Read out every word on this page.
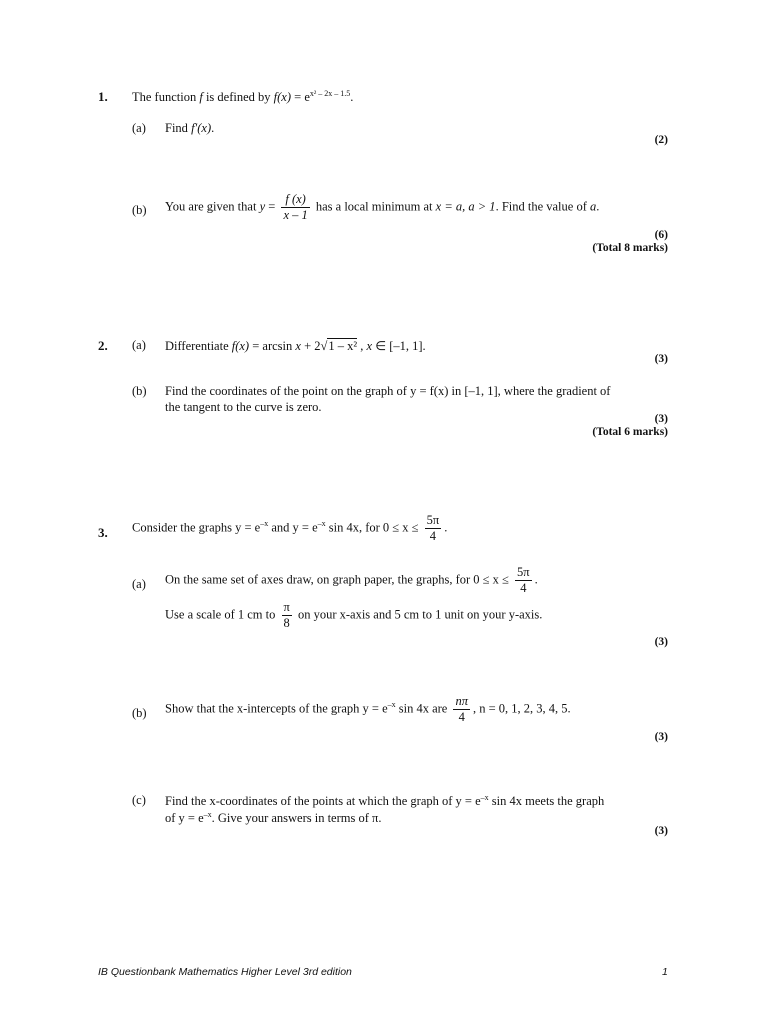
1. The function f is defined by $f(x) = e^{x^2 - 2x - 1.5}$.
(a) Find f′(x).
(2)
(b) You are given that $y = \frac{f (x)}{x - 1}$ has a local minimum at x = a, a > 1. Find the value of a.
(6)
(Total 8 marks)
2. (a) Differentiate f(x) = arcsin x + 2√1 – x² , x ∈ [–1, 1].
(3)
(b) Find the coordinates of the point on the graph of y = f(x) in [–1, 1], where the gradient of
the tangent to the curve is zero.
(3)
(Total 6 marks)
3. Consider the graphs $y = e^{-x}$ and $y = e^{-x}$ sin 4x, for $0 \le x \le \frac{5\pi}{4}$ .
(a) On the same set of axes draw, on graph paper, the graphs, for $0 \le x \le \frac{5\pi}{4}$ .
Use a scale of 1 cm to $\frac{\pi}{8}$ on your x-axis and 5 cm to 1 unit on your y-axis.
(3)
(b) Show that the x-intercepts of the graph $y = e^{-x}$ sin 4x are $\frac{n\pi}{4}$ , n = 0, 1, 2, 3, 4, 5.
(3)
(c) Find the x-coordinates of the points at which the graph of $y = e^{-x}$ sin 4x meets the graph
of $y = e^{-x}$. Give your answers in terms of π.
(3)
IB Questionbank Mathematics Higher Level 3rd edition	1
